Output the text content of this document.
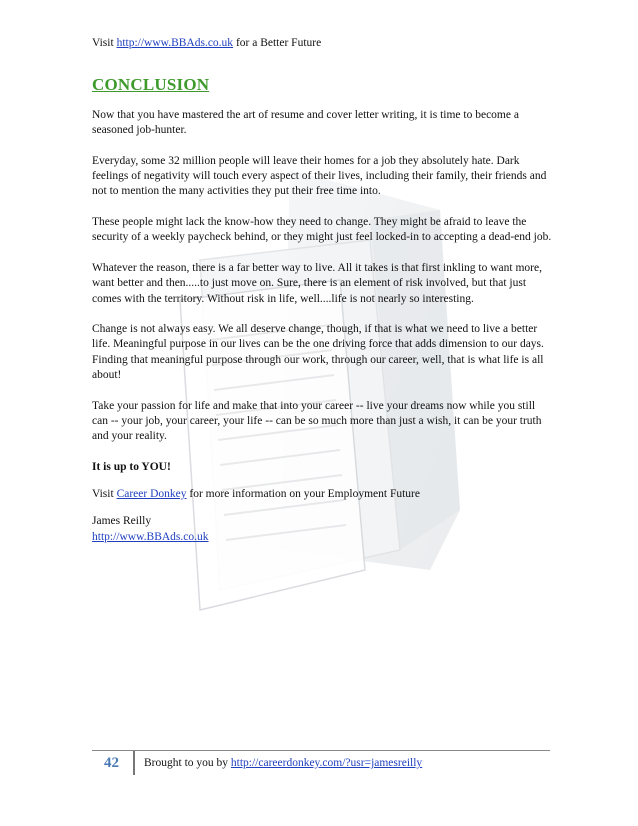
Visit http://www.BBAds.co.uk for a Better Future
CONCLUSION

Now that you have mastered the art of resume and cover letter writing, it is time to become a seasoned job-hunter.

Everyday, some 32 million people will leave their homes for a job they absolutely hate. Dark feelings of negativity will touch every aspect of their lives, including their family, their friends and not to mention the many activities they put their free time into.

These people might lack the know-how they need to change. They might be afraid to leave the security of a weekly paycheck behind, or they might just feel locked-in to accepting a dead-end job.

Whatever the reason, there is a far better way to live. All it takes is that first inkling to want more, want better and then.....to just move on. Sure, there is an element of risk involved, but that just comes with the territory. Without risk in life, well....life is not nearly so interesting.

Change is not always easy. We all deserve change, though, if that is what we need to live a better life. Meaningful purpose in our lives can be the one driving force that adds dimension to our days. Finding that meaningful purpose through our work, through our career, well, that is what life is all about!

Take your passion for life and make that into your career -- live your dreams now while you still can -- your job, your career, your life -- can be so much more than just a wish, it can be your truth and your reality.

It is up to YOU!

Visit Career Donkey for more information on your Employment Future

James Reilly
http://www.BBAds.co.uk
42 Brought to you by http://careerdonkey.com/?usr=jamesreilly
